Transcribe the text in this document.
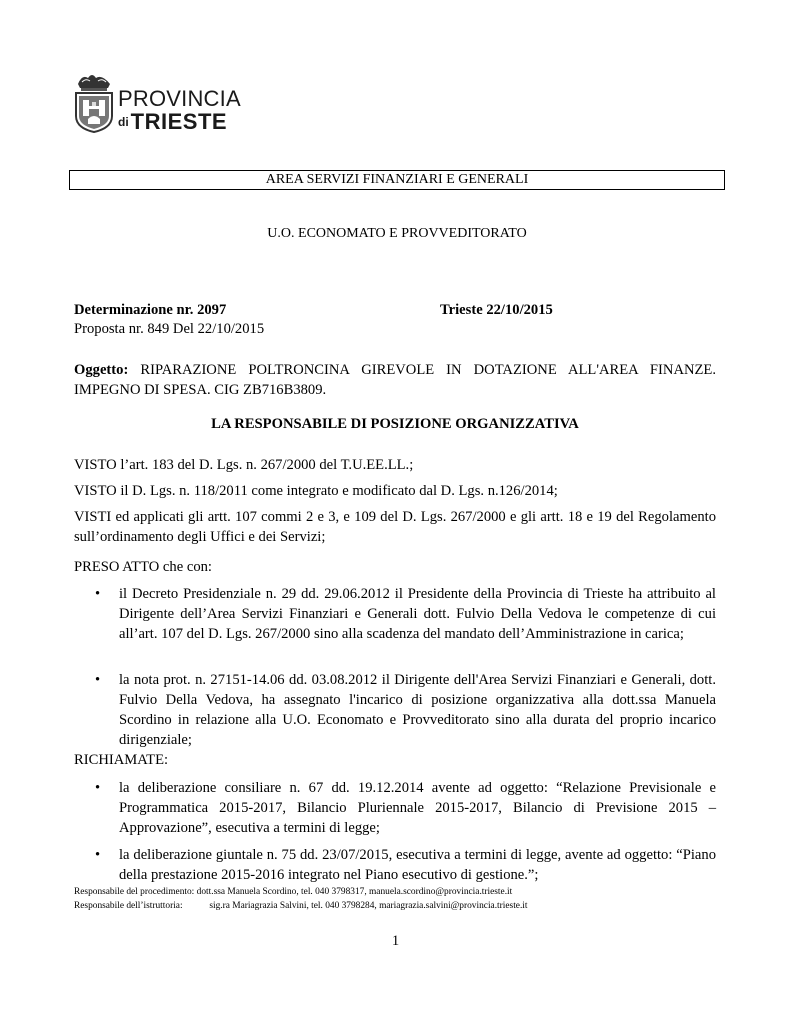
PROVINCIA
diTRIESTE
AREA SERVIZI FINANZIARI E GENERALI
U.O. ECONOMATO E PROVVEDITORATO
Determinazione nr. 2097	Trieste 22/10/2015
Proposta nr. 849 Del 22/10/2015
Oggetto: RIPARAZIONE POLTRONCINA GIREVOLE IN DOTAZIONE ALL'AREA FINANZE. IMPEGNO DI SPESA. CIG ZB716B3809.
LA RESPONSABILE DI POSIZIONE ORGANIZZATIVA
VISTO l’art. 183 del D. Lgs. n. 267/2000 del T.U.EE.LL.;
VISTO il D. Lgs. n. 118/2011 come integrato e modificato dal D. Lgs. n.126/2014;
VISTI ed applicati gli artt. 107 commi 2 e 3, e 109 del D. Lgs. 267/2000 e gli artt. 18 e 19 del Regolamento sull’ordinamento degli Uffici e dei Servizi;
PRESO ATTO che con:
• il Decreto Presidenziale n. 29 dd. 29.06.2012 il Presidente della Provincia di Trieste ha attribuito al Dirigente dell’Area Servizi Finanziari e Generali dott. Fulvio Della Vedova le competenze di cui all’art. 107 del D. Lgs. 267/2000 sino alla scadenza del mandato dell’Amministrazione in carica;
• la nota prot. n. 27151-14.06 dd. 03.08.2012 il Dirigente dell'Area Servizi Finanziari e Generali, dott. Fulvio Della Vedova, ha assegnato l'incarico di posizione organizzativa alla dott.ssa Manuela Scordino in relazione alla U.O. Economato e Provveditorato sino alla durata del proprio incarico dirigenziale;
RICHIAMATE:
• la deliberazione consiliare n. 67 dd. 19.12.2014 avente ad oggetto: “Relazione Previsionale e Programmatica 2015-2017, Bilancio Pluriennale 2015-2017, Bilancio di Previsione 2015 – Approvazione”, esecutiva a termini di legge;
• la deliberazione giuntale n. 75 dd. 23/07/2015, esecutiva a termini di legge, avente ad oggetto: “Piano della prestazione 2015-2016 integrato nel Piano esecutivo di gestione.”;
Responsabile del procedimento: dott.ssa Manuela Scordino, tel. 040 3798317, manuela.scordino@provincia.trieste.it
Responsabile dell’istruttoria:	sig.ra Mariagrazia Salvini, tel. 040 3798284, mariagrazia.salvini@provincia.trieste.it
1
